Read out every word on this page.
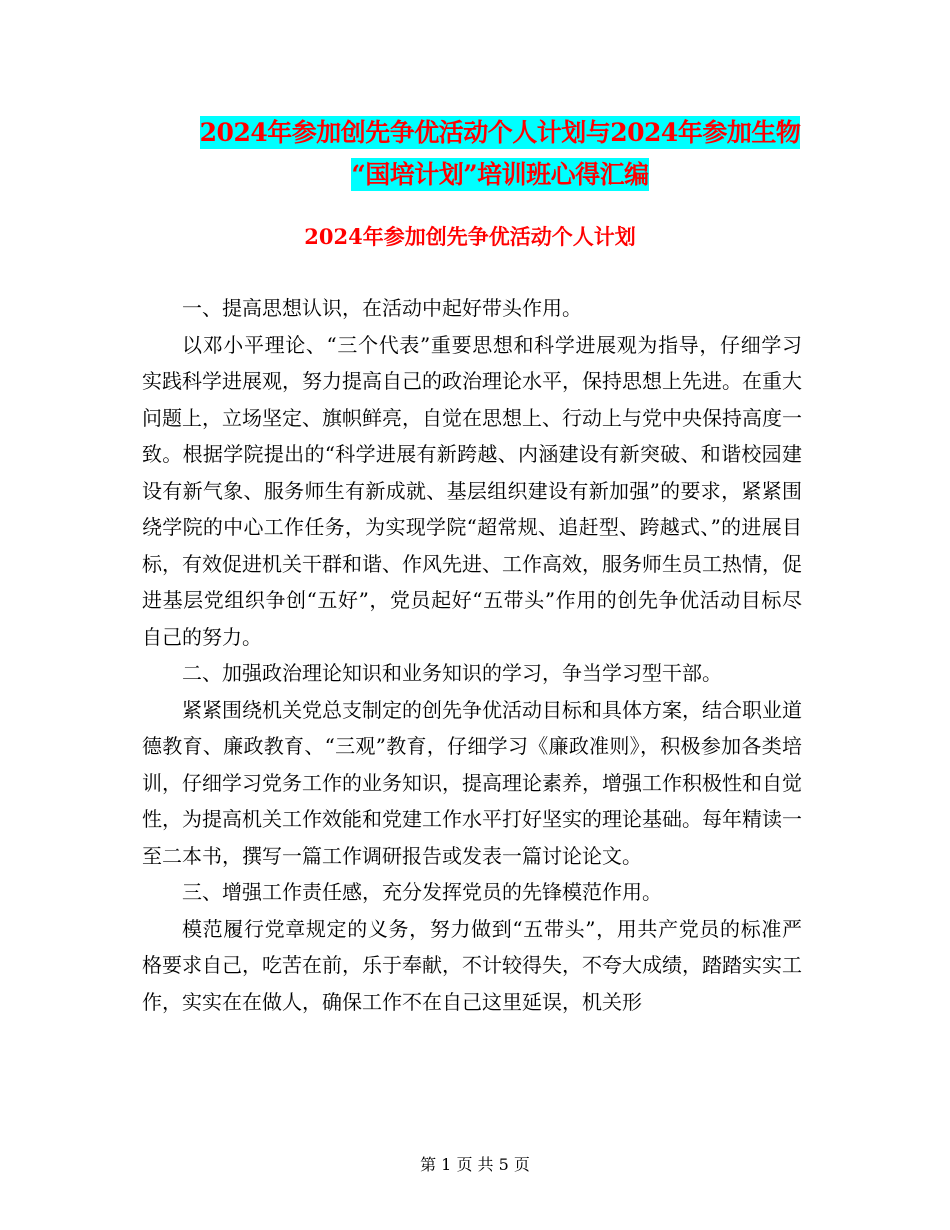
2024年参加创先争优活动个人计划与2024年参加生物
“国培计划”培训班心得汇编
2024年参加创先争优活动个人计划

一、提高思想认识，在活动中起好带头作用。

以邓小平理论、“三个代表”重要思想和科学进展观为指导，仔细学习实践科学进展观，努力提高自己的政治理论水平，保持思想上先进。在重大问题上，立场坚定、旗帜鲜亮，自觉在思想上、行动上与党中央保持高度一致。根据学院提出的“科学进展有新跨越、内涵建设有新突破、和谐校园建设有新气象、服务师生有新成就、基层组织建设有新加强”的要求，紧紧围绕学院的中心工作任务，为实现学院“超常规、追赶型、跨越式、”的进展目标，有效促进机关干群和谐、作风先进、工作高效，服务师生员工热情，促进基层党组织争创“五好”，党员起好“五带头”作用的创先争优活动目标尽自己的努力。

二、加强政治理论知识和业务知识的学习，争当学习型干部。

紧紧围绕机关党总支制定的创先争优活动目标和具体方案，结合职业道德教育、廉政教育、“三观”教育，仔细学习《廉政准则》，积极参加各类培训，仔细学习党务工作的业务知识，提高理论素养，增强工作积极性和自觉性，为提高机关工作效能和党建工作水平打好坚实的理论基础。每年精读一至二本书，撰写一篇工作调研报告或发表一篇讨论论文。

三、增强工作责任感，充分发挥党员的先锋模范作用。

模范履行党章规定的义务，努力做到“五带头”，用共产党员的标准严格要求自己，吃苦在前，乐于奉献，不计较得失，不夸大成绩，踏踏实实工作，实实在在做人，确保工作不在自己这里延误，机关形

第 1 页 共 5 页
